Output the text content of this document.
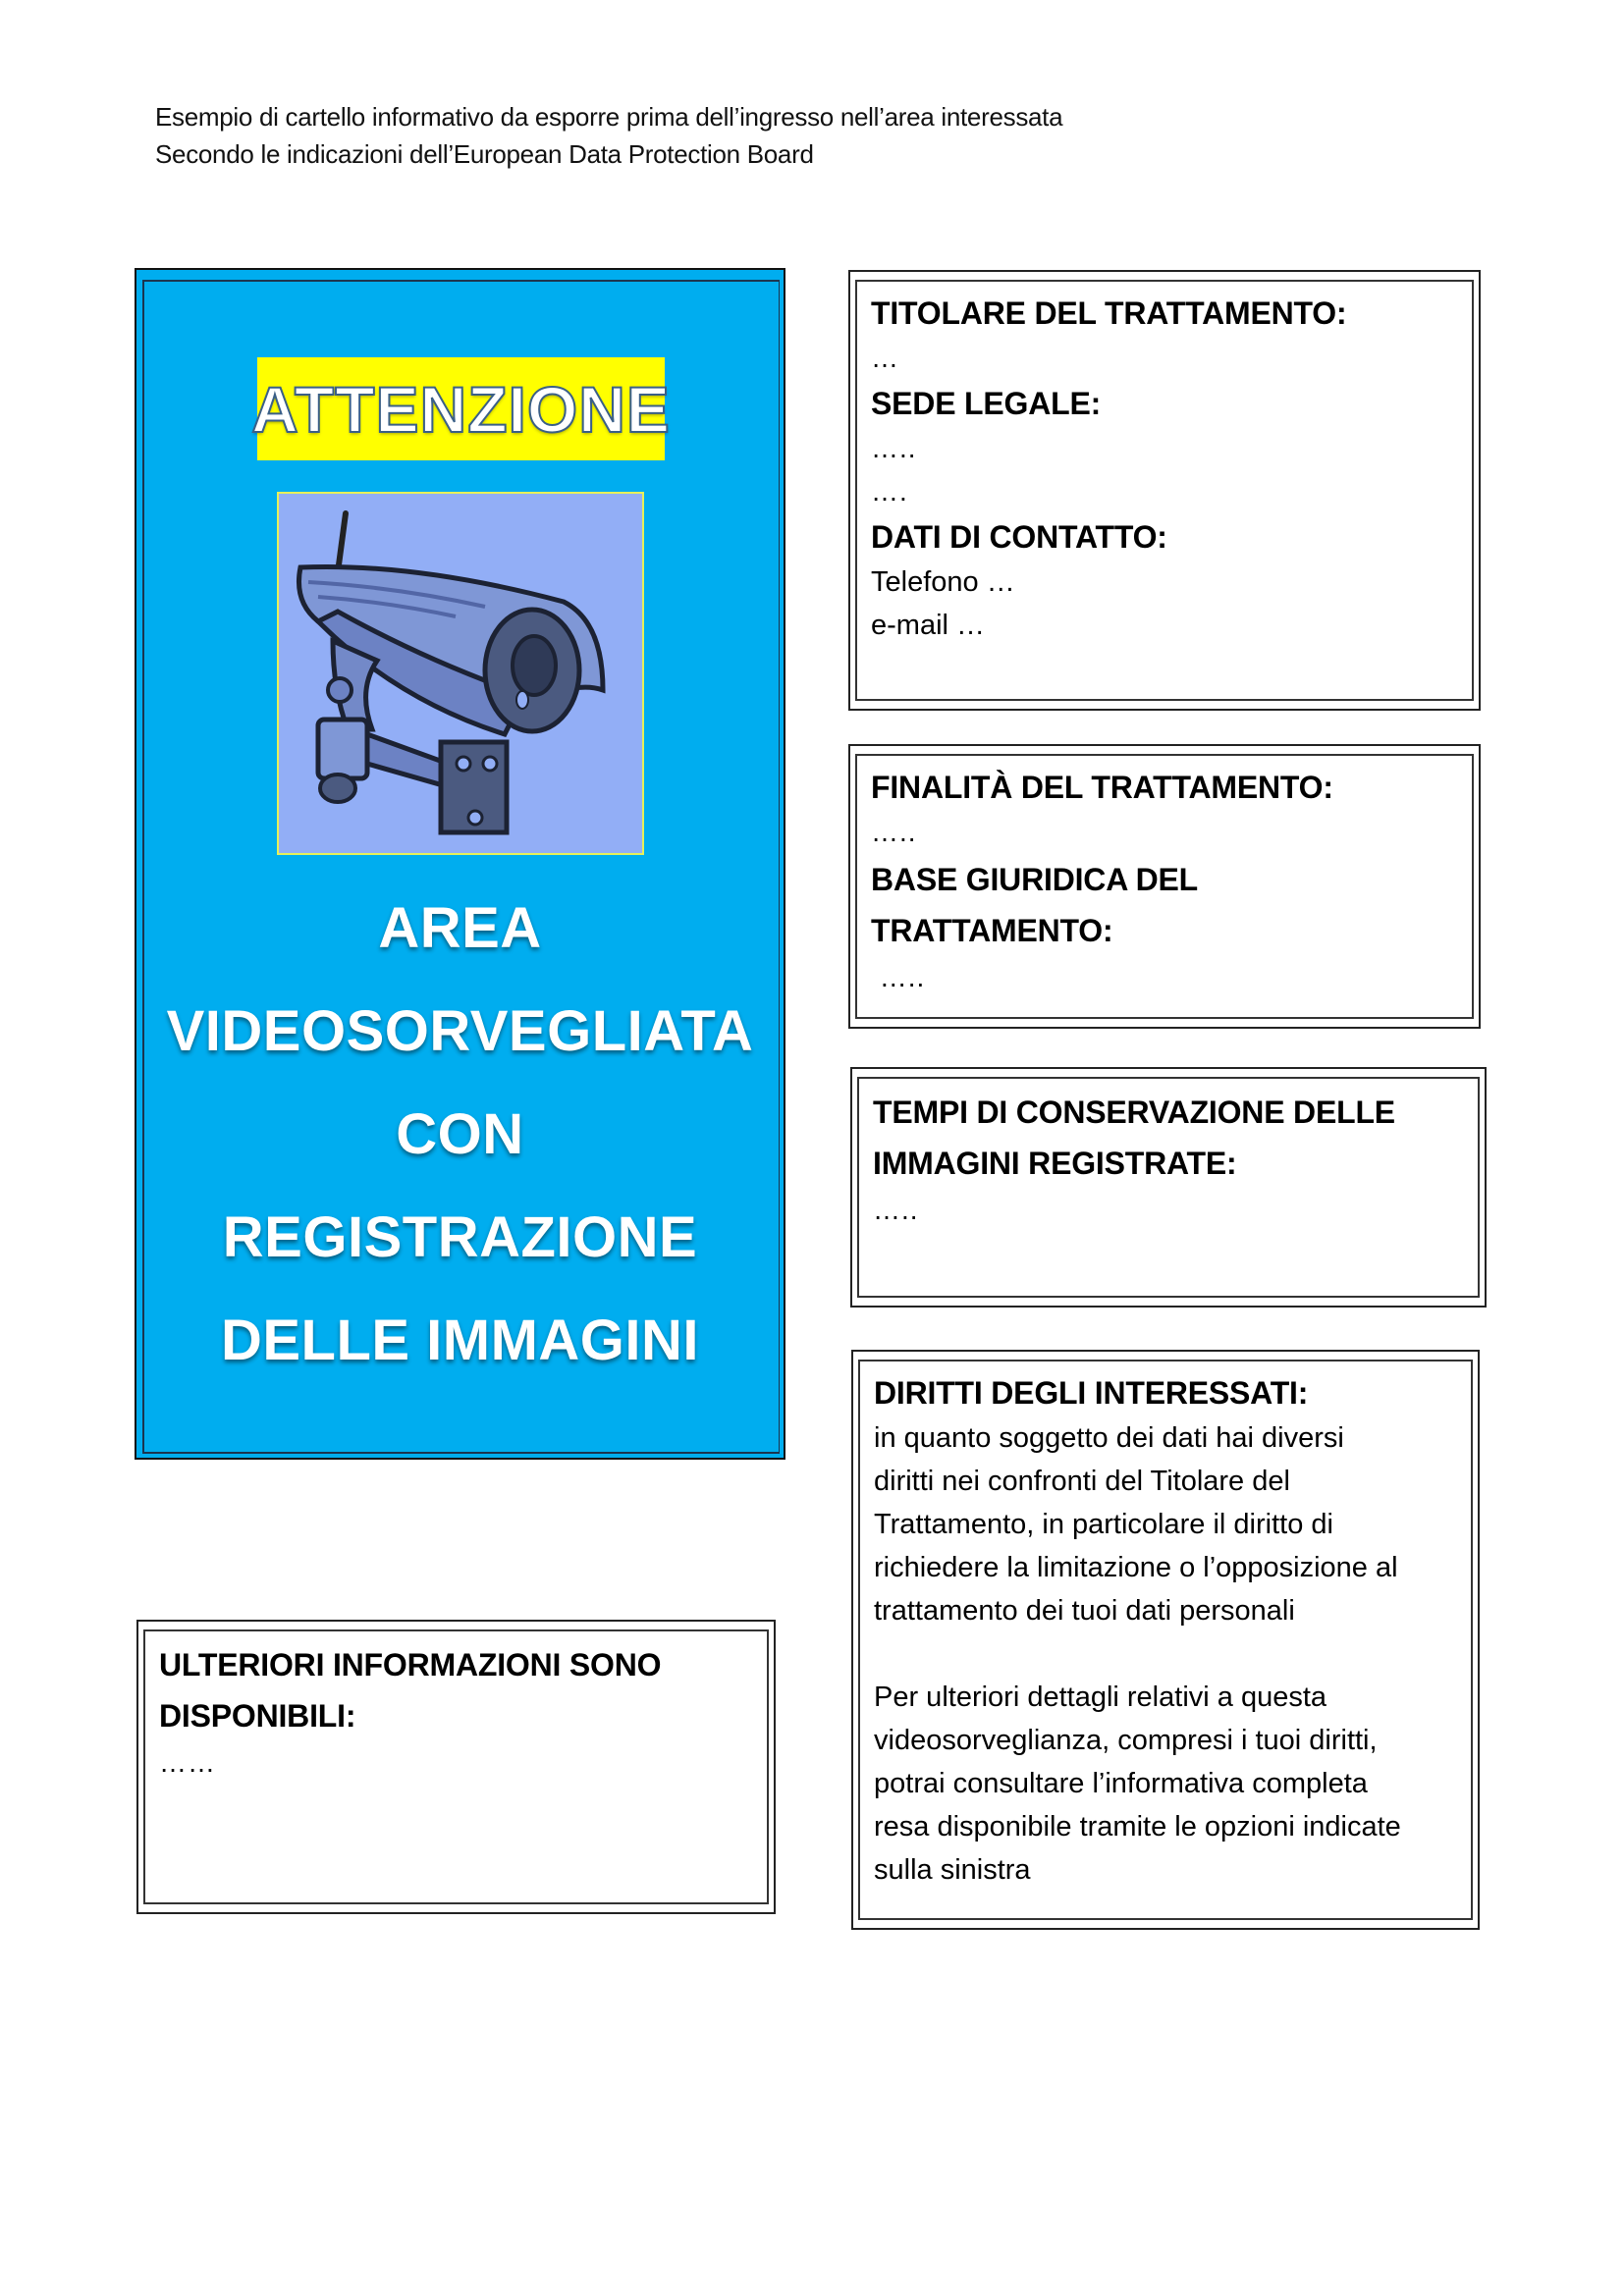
Esempio di cartello informativo da esporre prima dell’ingresso nell’area interessata
Secondo le indicazioni dell’European Data Protection Board
ATTENZIONE
AREA
VIDEOSORVEGLIATA
CON
REGISTRAZIONE
DELLE IMMAGINI
TITOLARE DEL TRATTAMENTO:
…
SEDE LEGALE:
…..
….
DATI DI CONTATTO:
Telefono …
e-mail …
FINALITÀ DEL TRATTAMENTO:
…..
BASE GIURIDICA DEL
TRATTAMENTO:
…..
TEMPI DI CONSERVAZIONE DELLE
IMMAGINI REGISTRATE:
…..
DIRITTI DEGLI INTERESSATI:
in quanto soggetto dei dati hai diversi
diritti nei confronti del Titolare del
Trattamento, in particolare il diritto di
richiedere la limitazione o l’opposizione al
trattamento dei tuoi dati personali
Per ulteriori dettagli relativi a questa
videosorveglianza, compresi i tuoi diritti,
potrai consultare l’informativa completa
resa disponibile tramite le opzioni indicate
sulla sinistra
ULTERIORI INFORMAZIONI SONO
DISPONIBILI:
……
